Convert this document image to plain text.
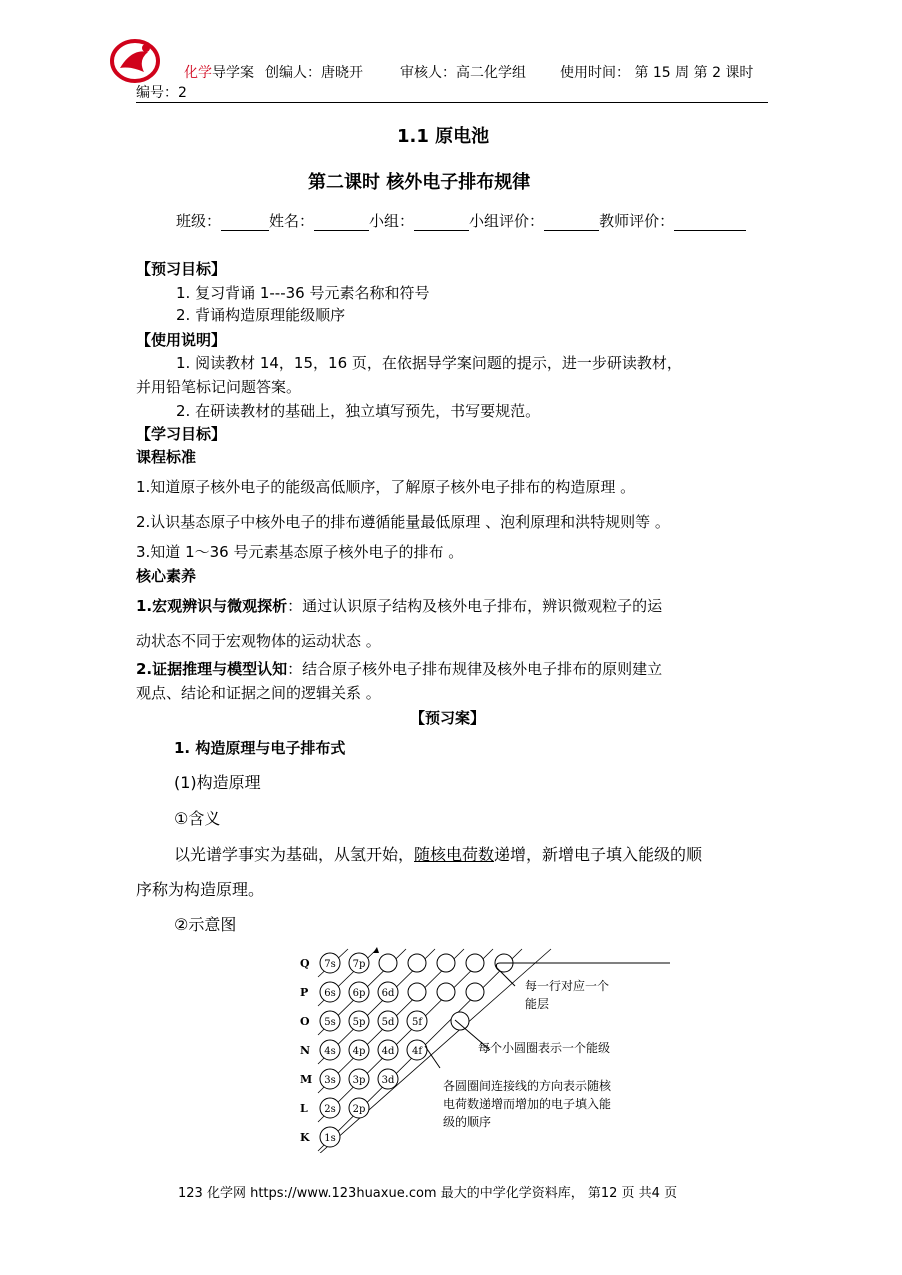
化学导学案 创编人：唐晓开	审核人：高二化学组 使用时间： 第 15 周 第 2 课时
编号：2
1.1 原电池
第二课时 核外电子排布规律
班级：	姓名：	小组：	小组评价：	教师评价：
【预习目标】
1. 复习背诵 1---36 号元素名称和符号
2. 背诵构造原理能级顺序
【使用说明】
1. 阅读教材 14，15，16 页，在依据导学案问题的提示，进一步研读教材，
并用铅笔标记问题答案。
2. 在研读教材的基础上，独立填写预先，书写要规范。
【学习目标】
课程标准
1.知道原子核外电子的能级高低顺序，了解原子核外电子排布的构造原理 。
2.认识基态原子中核外电子的排布遵循能量最低原理 、泡利原理和洪特规则等 。
3.知道 1～36 号元素基态原子核外电子的排布 。
核心素养
1.宏观辨识与微观探析：通过认识原子结构及核外电子排布，辨识微观粒子的运
动状态不同于宏观物体的运动状态 。
2.证据推理与模型认知：结合原子核外电子排布规律及核外电子排布的原则建立
观点、结论和证据之间的逻辑关系 。
【预习案】
1. 构造原理与电子排布式
(1)构造原理
①含义
以光谱学事实为基础，从氢开始，随核电荷数递增，新增电子填入能级的顺
序称为构造原理。
②示意图
Q
P
O
N
M
L
K
7s 7p
6s 6p 6d
5s 5p 5d 5f
4s 4p 4d 4f
3s 3p 3d
2s 2p
1s
每一行对应一个
能层
每个小圆圈表示一个能级
各圆圈间连接线的方向表示随核
电荷数递增而增加的电子填入能
级的顺序
123 化学网 https://www.123huaxue.com 最大的中学化学资料库， 第12 页 共4 页
